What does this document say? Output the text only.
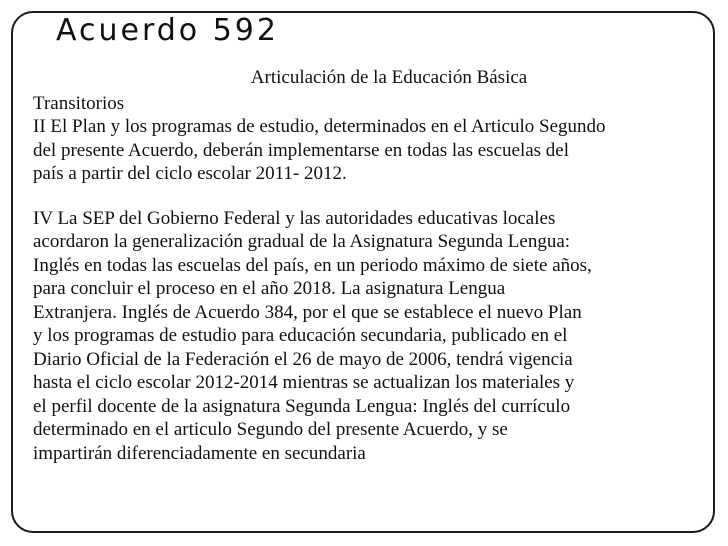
Acuerdo 592

Articulación de la Educación Básica

Transitorios

II El Plan y los programas de estudio, determinados en el Articulo Segundo
del presente Acuerdo, deberán implementarse en todas las escuelas del
país a partir del ciclo escolar 2011- 2012.
IV La SEP del Gobierno Federal y las autoridades educativas locales
acordaron la generalización gradual de la Asignatura Segunda Lengua:
Inglés en todas las escuelas del país, en un periodo máximo de siete años,
para concluir el proceso en el año 2018. La asignatura Lengua
Extranjera. Inglés de Acuerdo 384, por el que se establece el nuevo Plan
y los programas de estudio para educación secundaria, publicado en el
Diario Oficial de la Federación el 26 de mayo de 2006, tendrá vigencia
hasta el ciclo escolar 2012-2014 mientras se actualizan los materiales y
el perfil docente de la asignatura Segunda Lengua: Inglés del currículo
determinado en el articulo Segundo del presente Acuerdo, y se
impartirán diferenciadamente en secundaria
